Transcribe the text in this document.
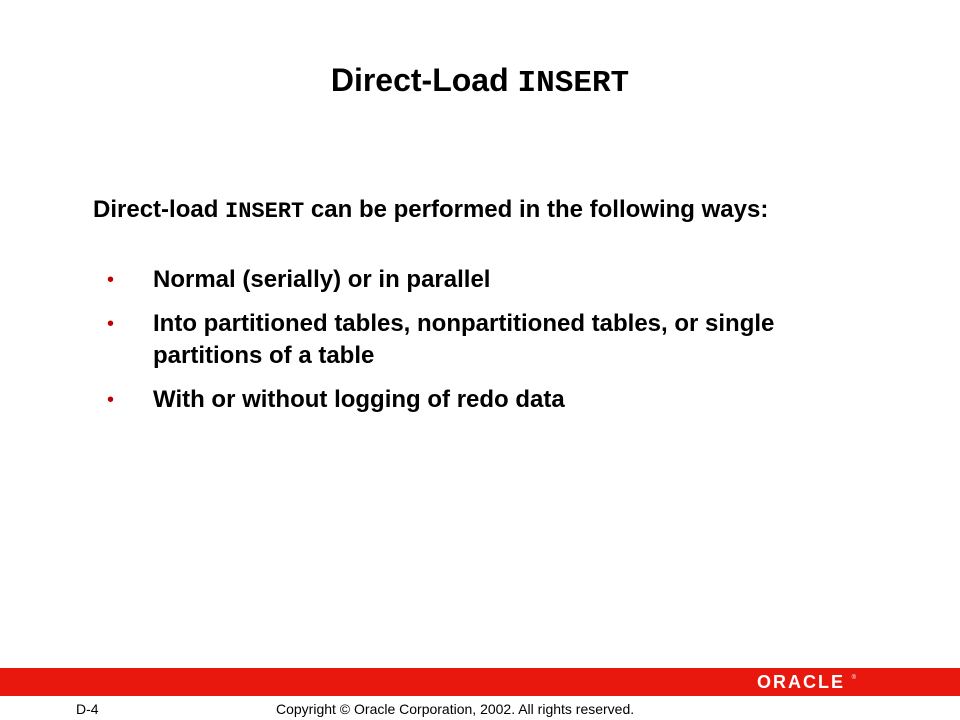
Direct-Load INSERT
Direct-load INSERT can be performed in the following ways:
• Normal (serially) or in parallel
• Into partitioned tables, nonpartitioned tables, or single partitions of a table
• With or without logging of redo data
ORACLE ®
D-4	Copyright © Oracle Corporation, 2002. All rights reserved.
